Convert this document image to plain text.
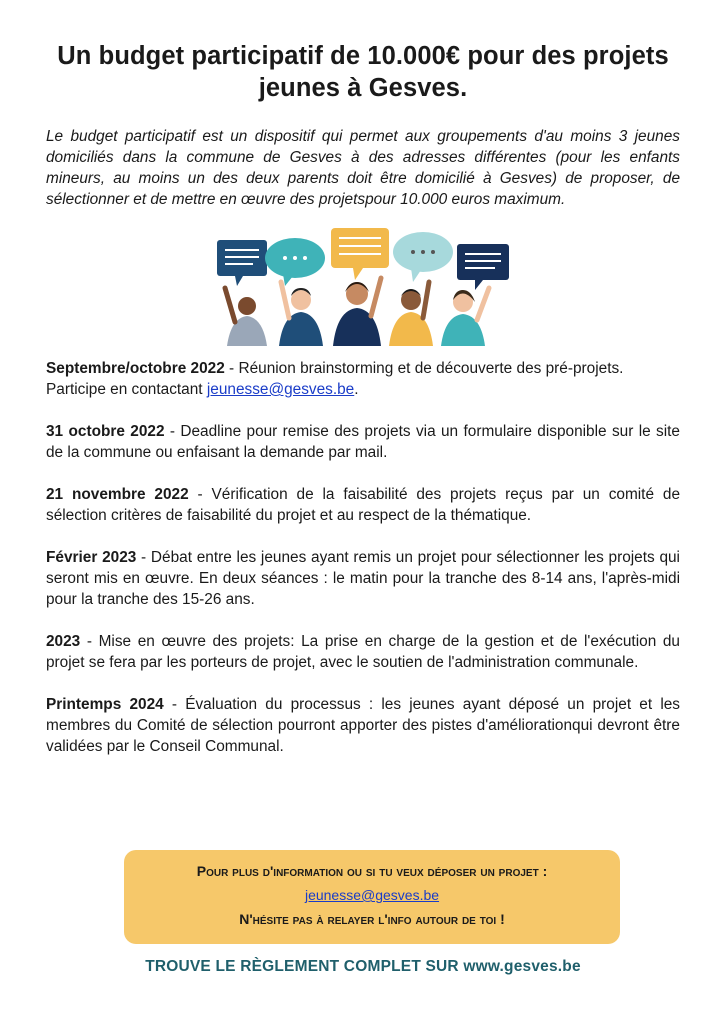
Un budget participatif de 10.000€ pour des projets jeunes à Gesves.

Le budget participatif est un dispositif qui permet aux groupements d'au moins 3 jeunes domiciliés dans la commune de Gesves à des adresses différentes (pour les enfants mineurs, au moins un des deux parents doit être domicilié à Gesves) de proposer, de sélectionner et de mettre en œuvre des projetspour 10.000 euros maximum.

Septembre/octobre 2022 - Réunion brainstorming et de découverte des pré-projets.
Participe en contactant jeunesse@gesves.be.

31 octobre 2022 - Deadline pour remise des projets via un formulaire disponible sur le site de la commune ou enfaisant la demande par mail.

21 novembre 2022 - Vérification de la faisabilité des projets reçus par un comité de sélection critères de faisabilité du projet et au respect de la thématique.

Février 2023 - Débat entre les jeunes ayant remis un projet pour sélectionner les projets qui seront mis en œuvre. En deux séances : le matin pour la tranche des 8-14 ans, l'après-midi pour la tranche des 15-26 ans.

2023 - Mise en œuvre des projets: La prise en charge de la gestion et de l'exécution du projet se fera par les porteurs de projet, avec le soutien de l'administration communale.

Printemps 2024 - Évaluation du processus : les jeunes ayant déposé un projet et les membres du Comité de sélection pourront apporter des pistes d'améliorationqui devront être validées par le Conseil Communal.

Pour plus d'information ou si tu veux déposer un projet :
jeunesse@gesves.be
N'hésite pas à relayer l'info autour de toi !
TROUVE LE RÈGLEMENT COMPLET SUR www.gesves.be
